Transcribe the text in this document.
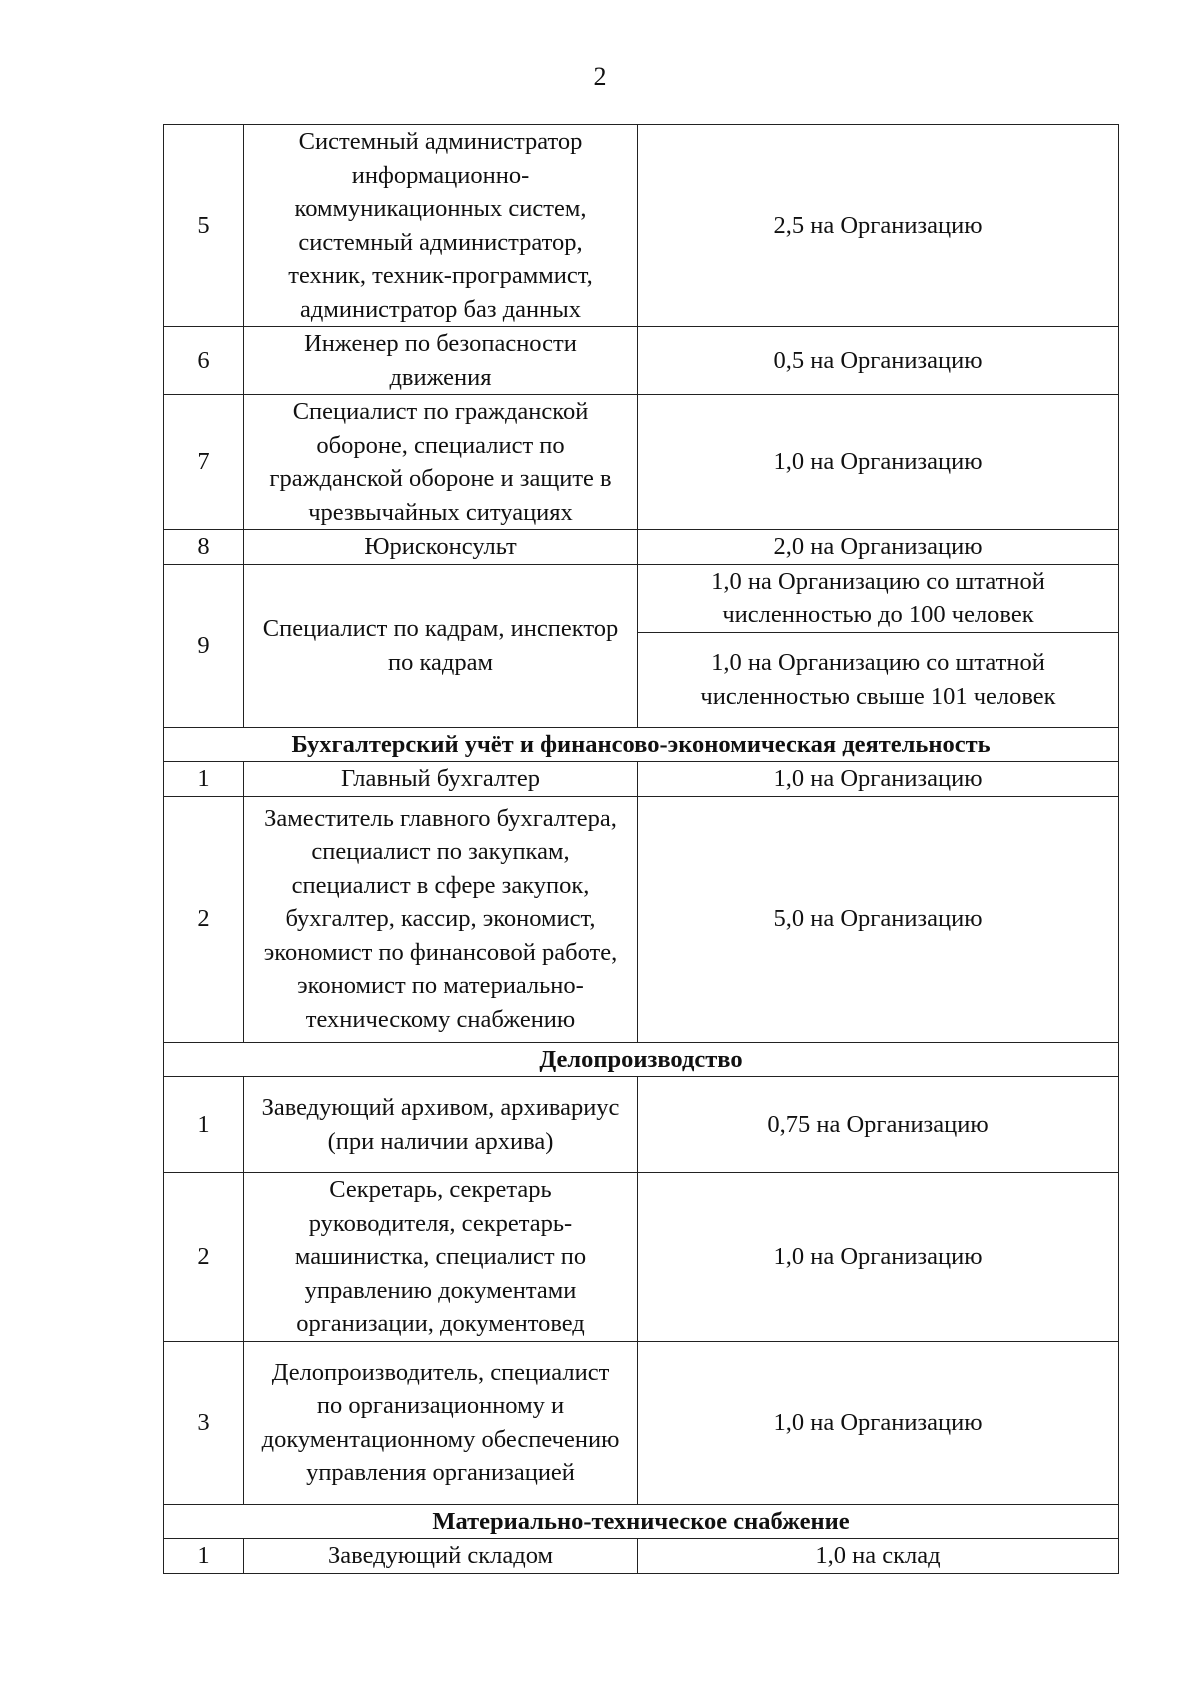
2
5	Системный администратор информационно-коммуникационных систем, системный администратор, техник, техник-программист, администратор баз данных	2,5 на Организацию
6	Инженер по безопасности движения	0,5 на Организацию
7	Специалист по гражданской обороне, специалист по гражданской обороне и защите в чрезвычайных ситуациях	1,0 на Организацию
8	Юрисконсульт	2,0 на Организацию
9	Специалист по кадрам, инспектор по кадрам	1,0 на Организацию со штатной численностью до 100 человек
		1,0 на Организацию со штатной численностью свыше 101 человек
Бухгалтерский учёт и финансово-экономическая деятельность		
1	Главный бухгалтер	1,0 на Организацию
2	Заместитель главного бухгалтера, специалист по закупкам, специалист в сфере закупок, бухгалтер, кассир, экономист, экономист по финансовой работе, экономист по материально-техническому снабжению	5,0 на Организацию
Делопроизводство		
1	Заведующий архивом, архивариус (при наличии архива)	0,75 на Организацию
2	Секретарь, секретарь руководителя, секретарь-машинистка, специалист по управлению документами организации, документовед	1,0 на Организацию
3	Делопроизводитель, специалист по организационному и документационному обеспечению управления организацией	1,0 на Организацию
Материально-техническое снабжение		
1	Заведующий складом	1,0 на склад
